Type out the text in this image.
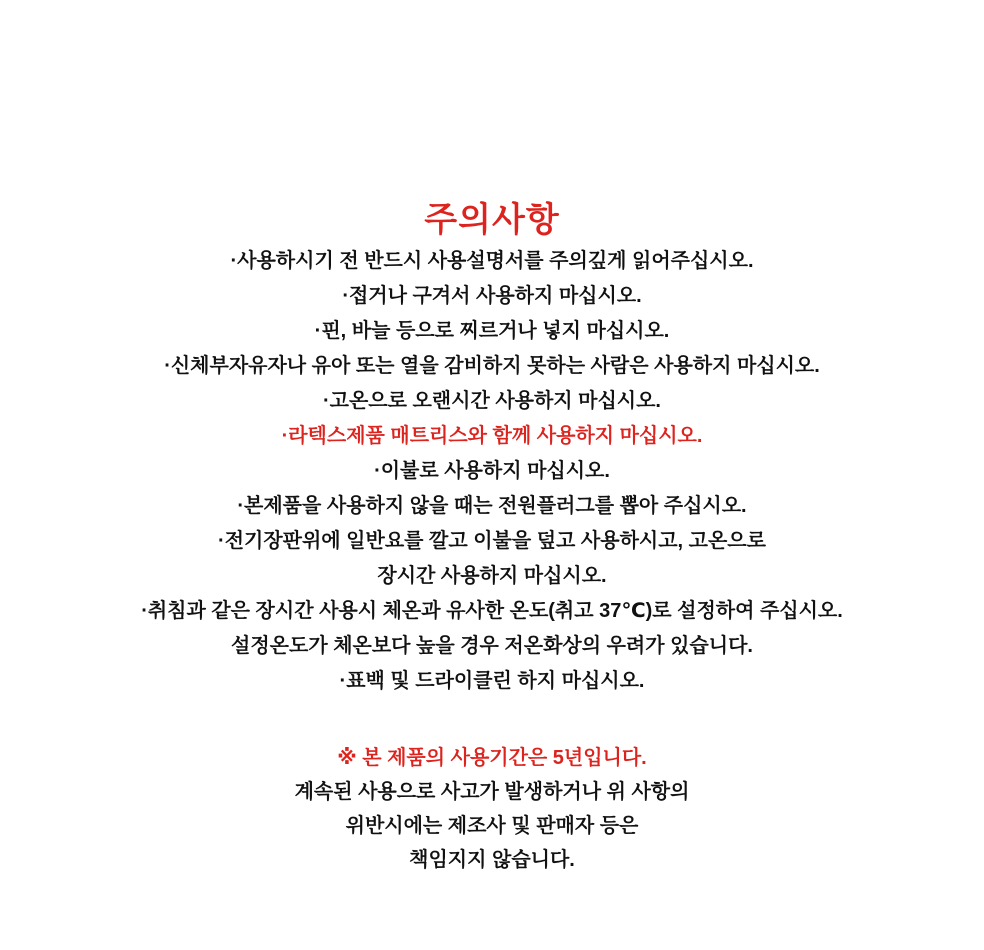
주의사항
·사용하시기 전 반드시 사용설명서를 주의깊게 읽어주십시오.
·접거나 구겨서 사용하지 마십시오.
·핀, 바늘 등으로 찌르거나 넣지 마십시오.
·신체부자유자나 유아 또는 열을 감비하지 못하는 사람은 사용하지 마십시오.
·고온으로 오랜시간 사용하지 마십시오.
·라텍스제품 매트리스와 함께 사용하지 마십시오.
·이불로 사용하지 마십시오.
·본제품을 사용하지 않을 때는 전원플러그를 뽑아 주십시오.
·전기장판위에 일반요를 깔고 이불을 덮고 사용하시고, 고온으로
장시간 사용하지 마십시오.
·취침과 같은 장시간 사용시 체온과 유사한 온도(취고 37℃)로 설정하여 주십시오.
설정온도가 체온보다 높을 경우 저온화상의 우려가 있습니다.
·표백 및 드라이클린 하지 마십시오.
※ 본 제품의 사용기간은 5년입니다.
계속된 사용으로 사고가 발생하거나 위 사항의
위반시에는 제조사 및 판매자 등은
책임지지 않습니다.
